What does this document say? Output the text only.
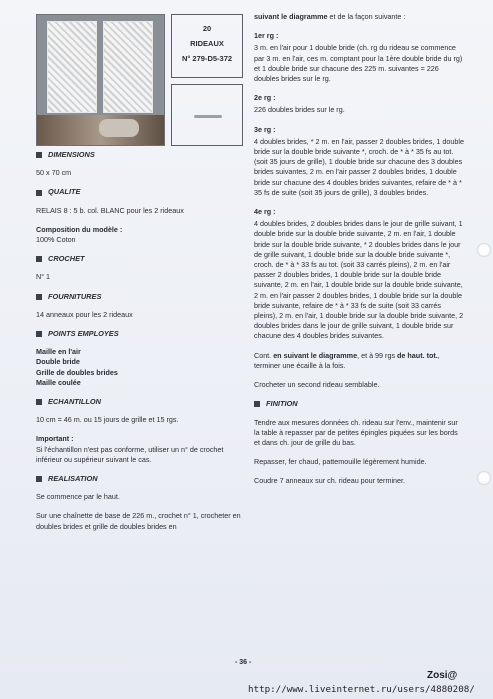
20
RIDEAUX
N° 279-D5-372
DIMENSIONS
50 x 70 cm
QUALITE
RELAIS 8 : 5 b. col. BLANC pour les 2 rideaux
Composition du modèle :
100% Coton
CROCHET
N° 1
FOURNITURES
14 anneaux pour les 2 rideaux
POINTS EMPLOYES
Maille en l'air
Double bride
Grille de doubles brides
Maille coulée
ECHANTILLON
10 cm = 46 m. ou 15 jours de grille et 15 rgs.
Important :
Si l'échantillon n'est pas conforme, utiliser un n° de crochet inférieur ou supérieur suivant le cas.
REALISATION
Se commence par le haut.
Sur une chaînette de base de 226 m., crochet n° 1, crocheter en doubles brides et grille de doubles brides en
suivant le diagramme et de la façon suivante :
1er rg :
3 m. en l'air pour 1 double bride (ch. rg du rideau se commence par 3 m. en l'air, ces m. comptant pour la 1ère double bride du rg) et 1 double bride sur chacune des 225 m. suivantes = 226 doubles brides sur le rg.
2e rg :
226 doubles brides sur le rg.
3e rg :
4 doubles brides, * 2 m. en l'air, passer 2 doubles brides, 1 double bride sur la double bride suivante *, croch. de * à * 35 fs au tot. (soit 35 jours de grille), 1 double bride sur chacune des 3 doubles brides suivantes, 2 m. en l'air passer 2 doubles brides, 1 double bride sur chacune des 4 doubles brides suivantes, refaire de * à * 35 fs de suite (soit 35 jours de grille), 3 doubles brides.
4e rg :
4 doubles brides, 2 doubles brides dans le jour de grille suivant, 1 double bride sur la double bride suivante, 2 m. en l'air, 1 double bride sur la double bride suivante, * 2 doubles brides dans le jour de grille suivant, 1 double bride sur la double bride suivante *, croch. de * à * 33 fs au tot. (soit 33 carrés pleins), 2 m. en l'air passer 2 doubles brides, 1 double bride sur la double bride suivante, 2 m. en l'air, 1 double bride sur la double bride suivante, 2 m. en l'air passer 2 doubles brides, 1 double bride sur la double bride suivante, refaire de * à * 33 fs de suite (soit 33 carrés pleins), 2 m. en l'air, 1 double bride sur la double bride suivante, 2 doubles brides dans le jour de grille suivant, 1 double bride sur chacune des 4 doubles brides suivantes.
Cont. en suivant le diagramme, et à 99 rgs de haut. tot., terminer une écaille à la fois.
Crocheter un second rideau semblable.
FINITION
Tendre aux mesures données ch. rideau sur l'env., maintenir sur la table à repasser par de petites épingles piquées sur les bords et dans ch. jour de grille du bas.
Repasser, fer chaud, pattemouille légèrement humide.
Coudre 7 anneaux sur ch. rideau pour terminer.
- 36 -
Zosi@
http://www.liveinternet.ru/users/4880208/
